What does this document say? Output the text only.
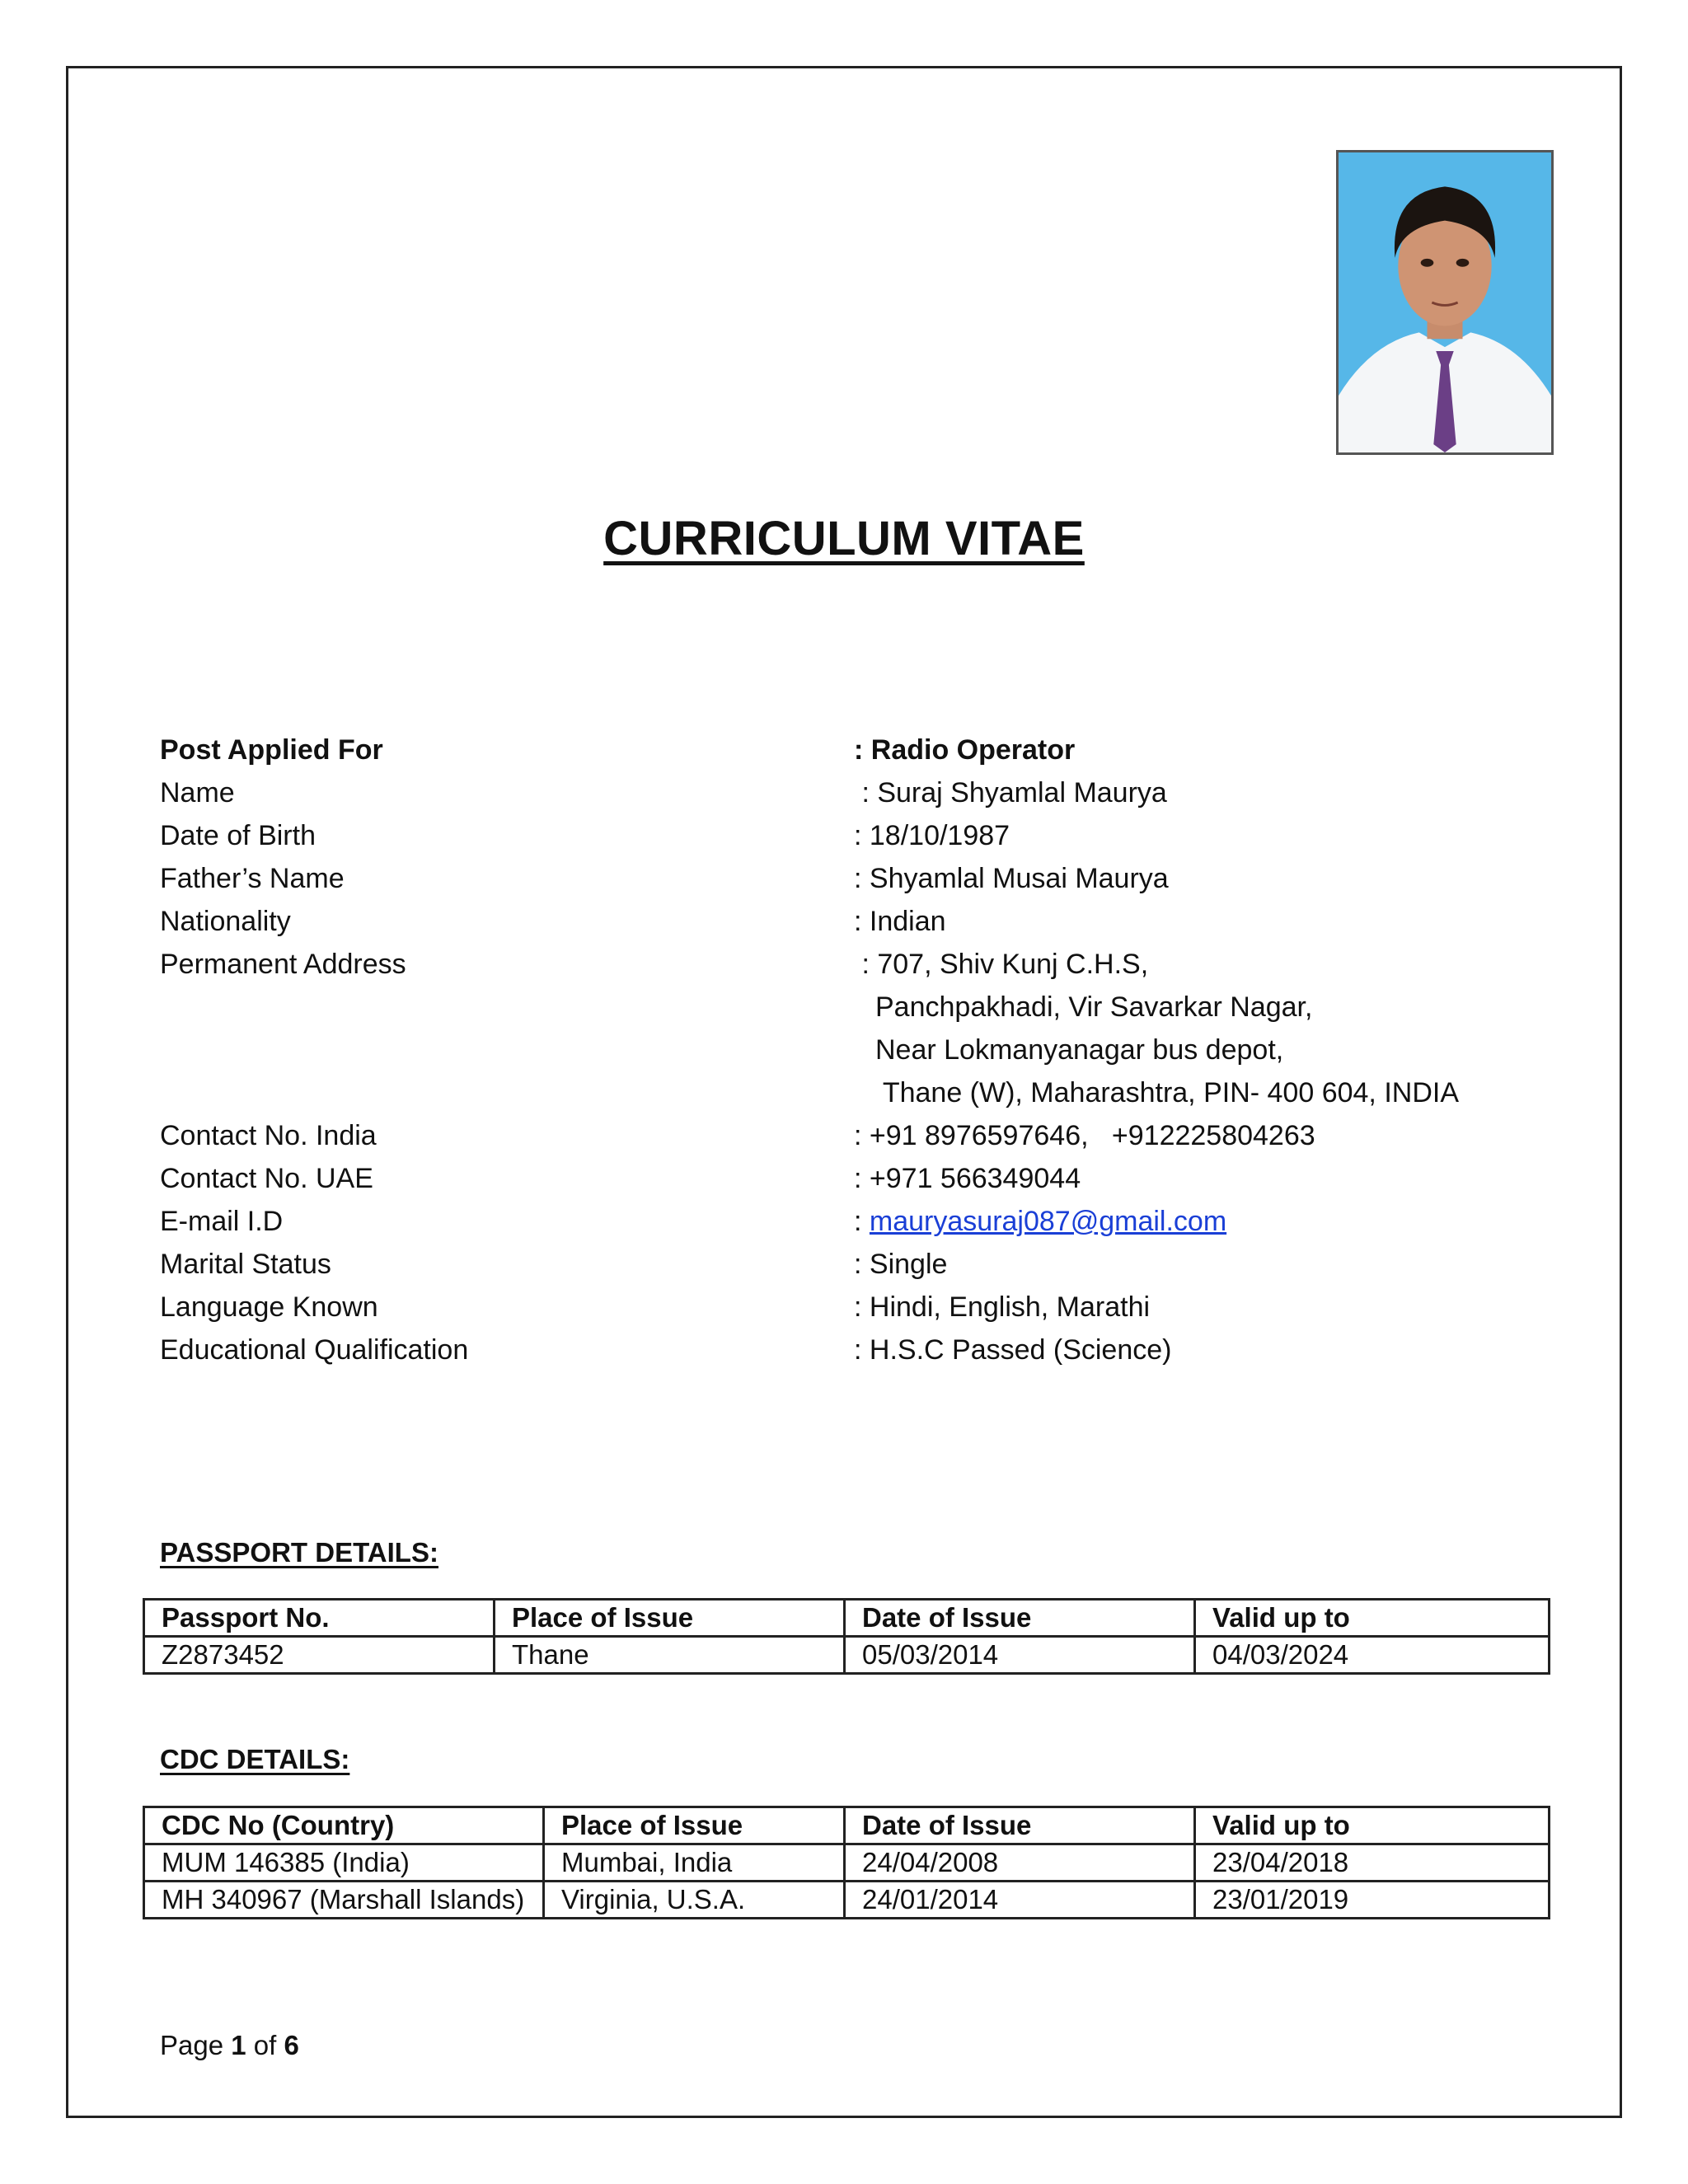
CURRICULUM VITAE
Post Applied For	: Radio Operator
Name	: Suraj Shyamlal Maurya
Date of Birth	: 18/10/1987
Father’s Name	: Shyamlal Musai Maurya
Nationality	: Indian
Permanent Address	: 707, Shiv Kunj C.H.S,
Panchpakhadi, Vir Savarkar Nagar,
Near Lokmanyanagar bus depot,
Thane (W), Maharashtra, PIN- 400 604, INDIA
Contact No. India	: +91 8976597646,   +912225804263
Contact No. UAE	: +971 566349044
E-mail I.D	: mauryasuraj087@gmail.com
Marital Status	: Single
Language Known	: Hindi, English, Marathi
Educational Qualification	: H.S.C Passed (Science)
PASSPORT DETAILS:
Passport No.	Place of Issue	Date of Issue	Valid up to
Z2873452	Thane	05/03/2014	04/03/2024
CDC DETAILS:
CDC No (Country)	Place of Issue	Date of Issue	Valid up to
MUM 146385 (India)	Mumbai, India	24/04/2008	23/04/2018
MH 340967 (Marshall Islands)	Virginia, U.S.A.	24/01/2014	23/01/2019
Page 1 of 6
